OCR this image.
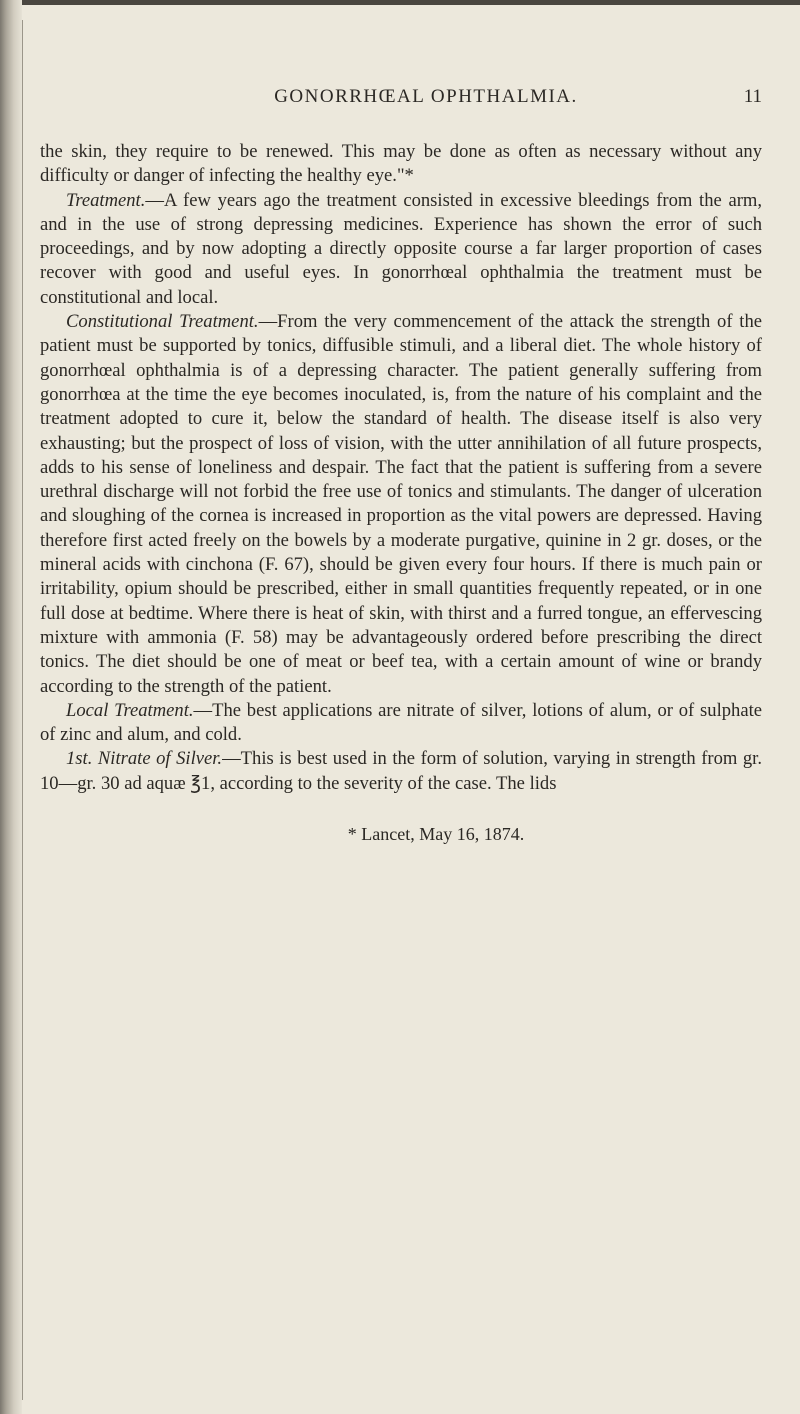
GONORRHŒAL OPHTHALMIA.	11

the skin, they require to be renewed. This may be done as often as necessary without any difficulty or danger of infecting the healthy eye."*

Treatment.—A few years ago the treatment consisted in excessive bleedings from the arm, and in the use of strong depressing medicines. Experience has shown the error of such proceedings, and by now adopting a directly opposite course a far larger proportion of cases recover with good and useful eyes. In gonorrhœal ophthalmia the treatment must be constitutional and local.

Constitutional Treatment.—From the very commencement of the attack the strength of the patient must be supported by tonics, diffusible stimuli, and a liberal diet. The whole history of gonorrhœal ophthalmia is of a depressing character. The patient generally suffering from gonorrhœa at the time the eye becomes inoculated, is, from the nature of his complaint and the treatment adopted to cure it, below the standard of health. The disease itself is also very exhausting; but the prospect of loss of vision, with the utter annihilation of all future prospects, adds to his sense of loneliness and despair. The fact that the patient is suffering from a severe urethral discharge will not forbid the free use of tonics and stimulants. The danger of ulceration and sloughing of the cornea is increased in proportion as the vital powers are depressed. Having therefore first acted freely on the bowels by a moderate purgative, quinine in 2 gr. doses, or the mineral acids with cinchona (F. 67), should be given every four hours. If there is much pain or irritability, opium should be prescribed, either in small quantities frequently repeated, or in one full dose at bedtime. Where there is heat of skin, with thirst and a furred tongue, an effervescing mixture with ammonia (F. 58) may be advantageously ordered before prescribing the direct tonics. The diet should be one of meat or beef tea, with a certain amount of wine or brandy according to the strength of the patient.

Local Treatment.—The best applications are nitrate of silver, lotions of alum, or of sulphate of zinc and alum, and cold.

1st. Nitrate of Silver.—This is best used in the form of solution, varying in strength from gr. 10—gr. 30 ad aquæ ℥1, according to the severity of the case. The lids

* Lancet, May 16, 1874.
